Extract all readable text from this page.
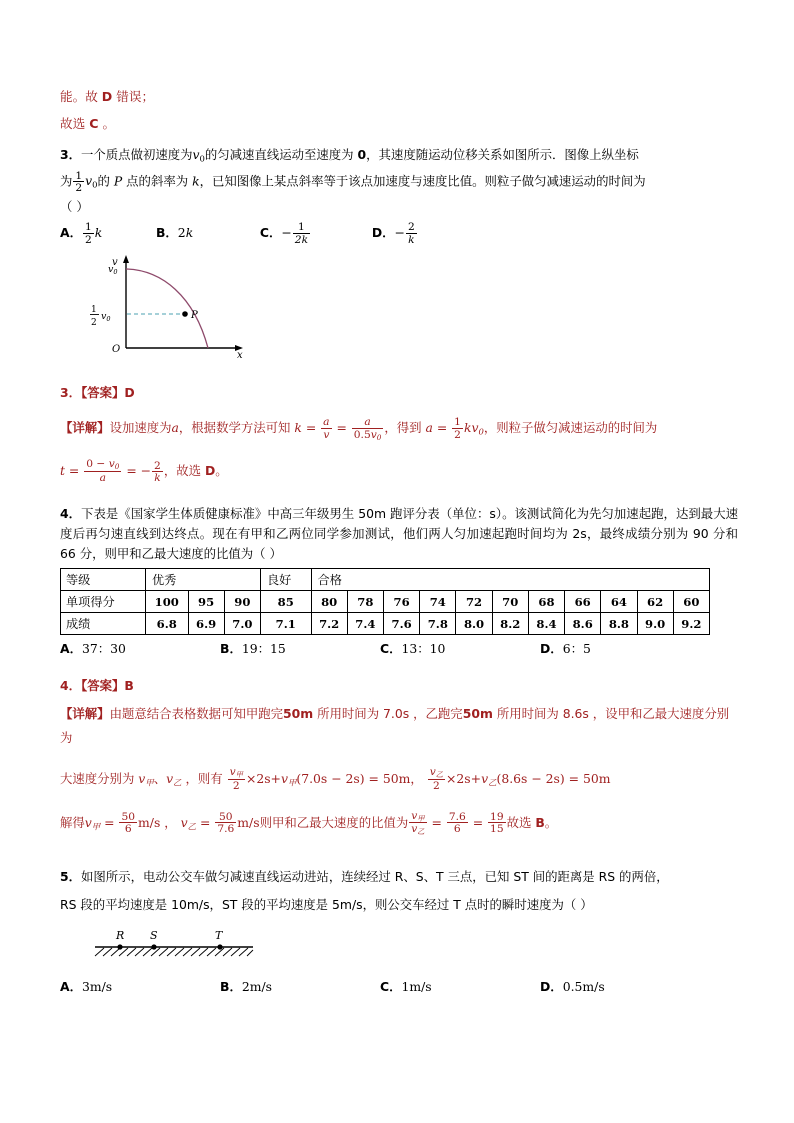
能。故 D 错误；
故选 C 。
3．一个质点做初速度为v0的匀减速直线运动至速度为 0，其速度随运动位移关系如图所示．图像上纵坐标
为 $\frac{1}{2} v0$的 P 点的斜率为 k，已知图像上某点斜率等于该点加速度与速度比值。则粒子做匀减速运动的时间为
（ ）
A． $\frac{1}{2}$ k	B．2k	C．− $\frac{1}{2k}$	D．− $\frac{2}{k}$
v
x
O
$v_0$
1
2
$v_0$	P
3．【答案】D
【详解】设加速度为a，根据数学方法可知 $k = \frac{a}{v} = \frac{a}{0.5v_0}$ ，得到 $a = \frac{1}{2} kv_0$，则粒子做匀减速运动的时间为
$t = \frac{0 - v_0}{a}$ = − $\frac{2}{k}$ ，故选 D。
4．下表是《国家学生体质健康标准》中高三年级男生 50m 跑评分表（单位：s）。该测试简化为先匀加速起跑，达到最大速度后再匀速直线到达终点。现在有甲和乙两位同学参加测试，他们两人匀加速起跑时间均为 2s，最终成绩分别为 90 分和 66 分，则甲和乙最大速度的比值为（ ）
等级	优秀			良好	合格										
单项得分	100	95	90	85	80	78	76	74	72	70	68	66	64	62	60
成绩	6.8	6.9	7.0	7.1	7.2	7.4	7.6	7.8	8.0	8.2	8.4	8.6	8.8	9.0	9.2
A．37：30	B．19：15	C．13：10	D．6：5
4．【答案】B
【详解】由题意结合表格数据可知甲跑完50m 所用时间为 7.0s ，乙跑完50m 所用时间为 8.6s ，设甲和乙最大速度分别为
大速度分别为 $v_甲$、$v_乙$ ，则有 $\frac{v_甲}{2} \times 2s+v_甲(7.0s - 2s) = 50m$， $\frac{v_乙}{2} \times 2s+v_乙(8.6s - 2s) = 50m$
解得$v_甲 = \frac{50}{6} m/s$ ， $v_乙 = \frac{50}{7.6} m/s$则甲和乙最大速度的比值为 $\frac{v_甲}{v_乙} = \frac{7.6}{6} = \frac{19}{15}$ 故选 B。
5．如图所示，电动公交车做匀减速直线运动进站，连续经过 R、S、T 三点，已知 ST 间的距离是 RS 的两倍，
RS 段的平均速度是 10m/s，ST 段的平均速度是 5m/s，则公交车经过 T 点时的瞬时速度为（ ）
R S	T
A．3m/s	B．2m/s	C．1m/s	D．0.5m/s
